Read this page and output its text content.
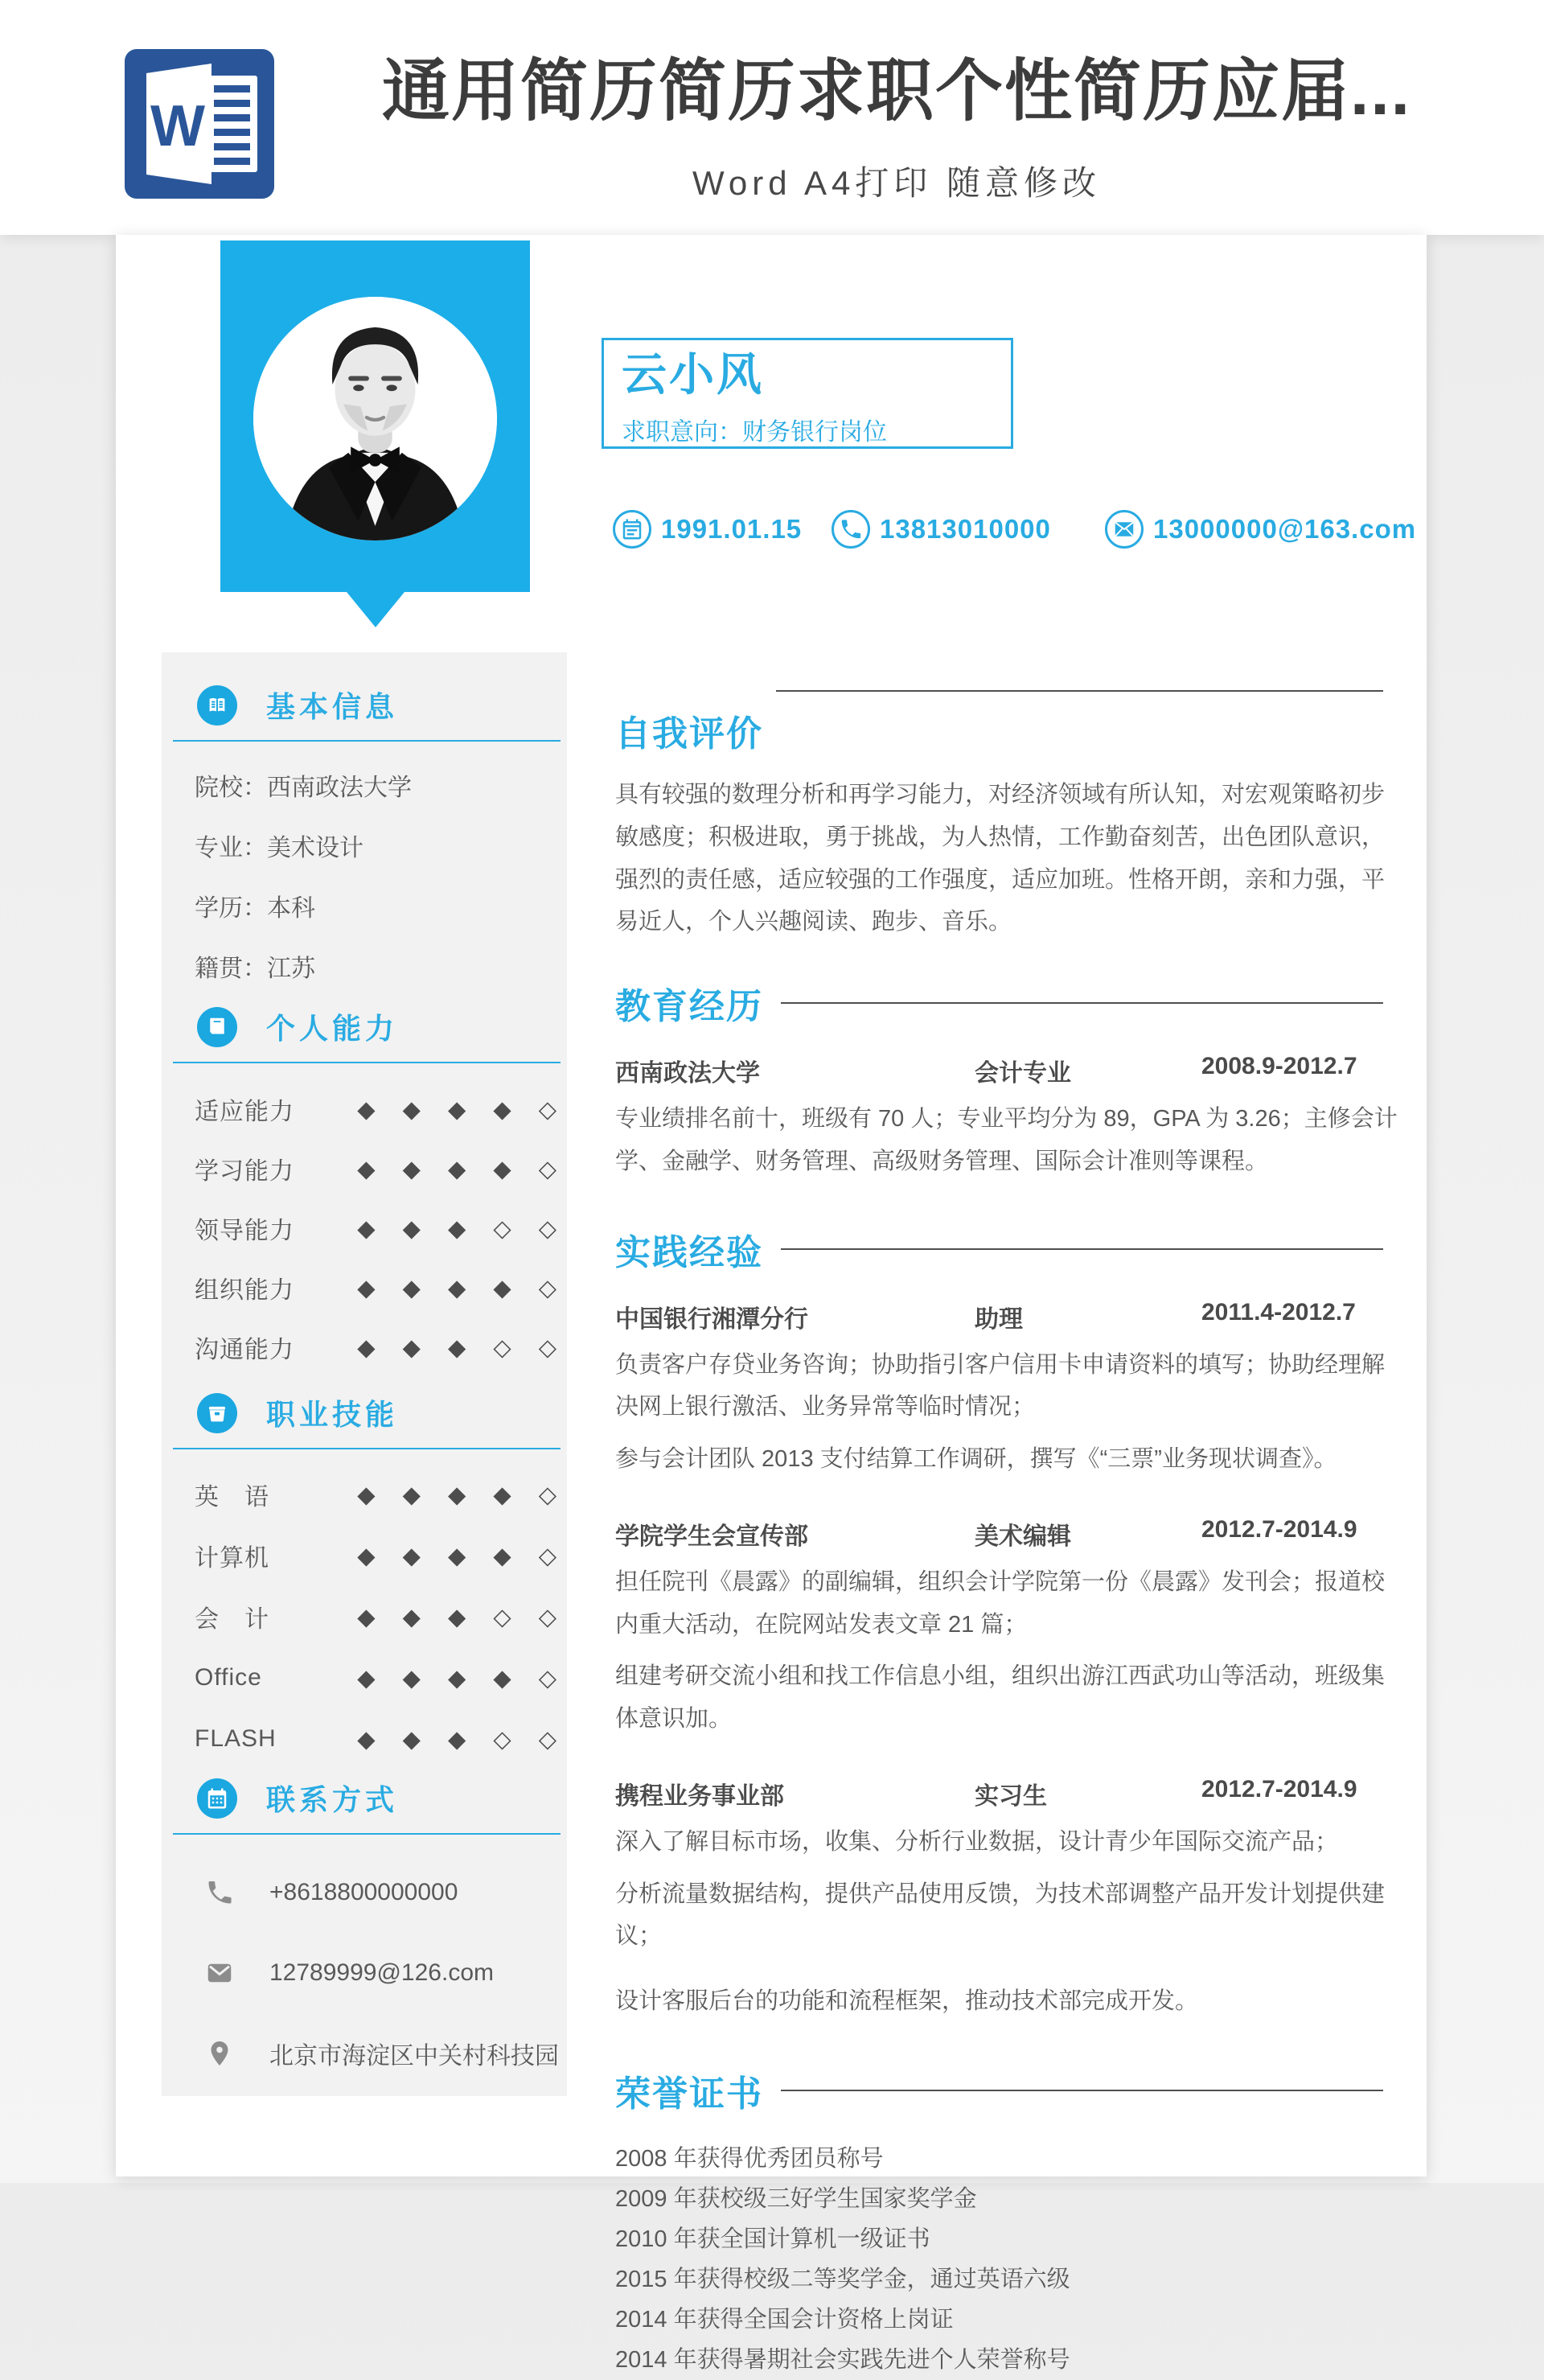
W	通用简历简历求职个性简历应届...
Word A4打印 随意修改
云小风
求职意向：财务银行岗位
1991.01.15	13813010000	13000000@163.com
基本信息
院校： 西南政法大学
专业： 美术设计
学历： 本科
籍贯： 江苏
个人能力
适应能力	◆ ◆ ◆ ◆ ◇
学习能力	◆ ◆ ◆ ◆ ◇
领导能力	◆ ◆ ◆ ◇ ◇
组织能力	◆ ◆ ◆ ◆ ◇
沟通能力	◆ ◆ ◆ ◇ ◇
职业技能
英　语	◆ ◆ ◆ ◆ ◇
计算机	◆ ◆ ◆ ◆ ◇
会　计	◆ ◆ ◆ ◇ ◇
Office	◆ ◆ ◆ ◆ ◇
FLASH	◆ ◆ ◆ ◇ ◇
联系方式
+8618800000000
12789999@126.com
北京市海淀区中关村科技园
自我评价

具有较强的数理分析和再学习能力，对经济领域有所认知，对宏观策略初步敏感度；积极进取，勇于挑战，为人热情，工作勤奋刻苦，出色团队意识，强烈的责任感，适应较强的工作强度，适应加班。性格开朗，亲和力强，平易近人，个人兴趣阅读、跑步、音乐。

教育经历
西南政法大学	会计专业	2008.9-2012.7

专业绩排名前十，班级有 70 人；专业平均分为 89，GPA 为 3.26；主修会计学、金融学、财务管理、高级财务管理、国际会计准则等课程。

实践经验
中国银行湘潭分行	助理	2011.4-2012.7

负责客户存贷业务咨询；协助指引客户信用卡申请资料的填写；协助经理解决网上银行激活、业务异常等临时情况；

参与会计团队 2013 支付结算工作调研，撰写《“三票”业务现状调查》。

学院学生会宣传部	美术编辑	2012.7-2014.9

担任院刊《晨露》的副编辑，组织会计学院第一份《晨露》发刊会；报道校内重大活动，在院网站发表文章 21 篇；

组建考研交流小组和找工作信息小组，组织出游江西武功山等活动，班级集体意识加。

携程业务事业部	实习生	2012.7-2014.9

深入了解目标市场，收集、分析行业数据，设计青少年国际交流产品；

分析流量数据结构，提供产品使用反馈，为技术部调整产品开发计划提供建议；

设计客服后台的功能和流程框架，推动技术部完成开发。

荣誉证书
2008 年获得优秀团员称号
2009 年获校级三好学生国家奖学金
2010 年获全国计算机一级证书
2015 年获得校级二等奖学金，通过英语六级
2014 年获得全国会计资格上岗证
2014 年获得暑期社会实践先进个人荣誉称号
